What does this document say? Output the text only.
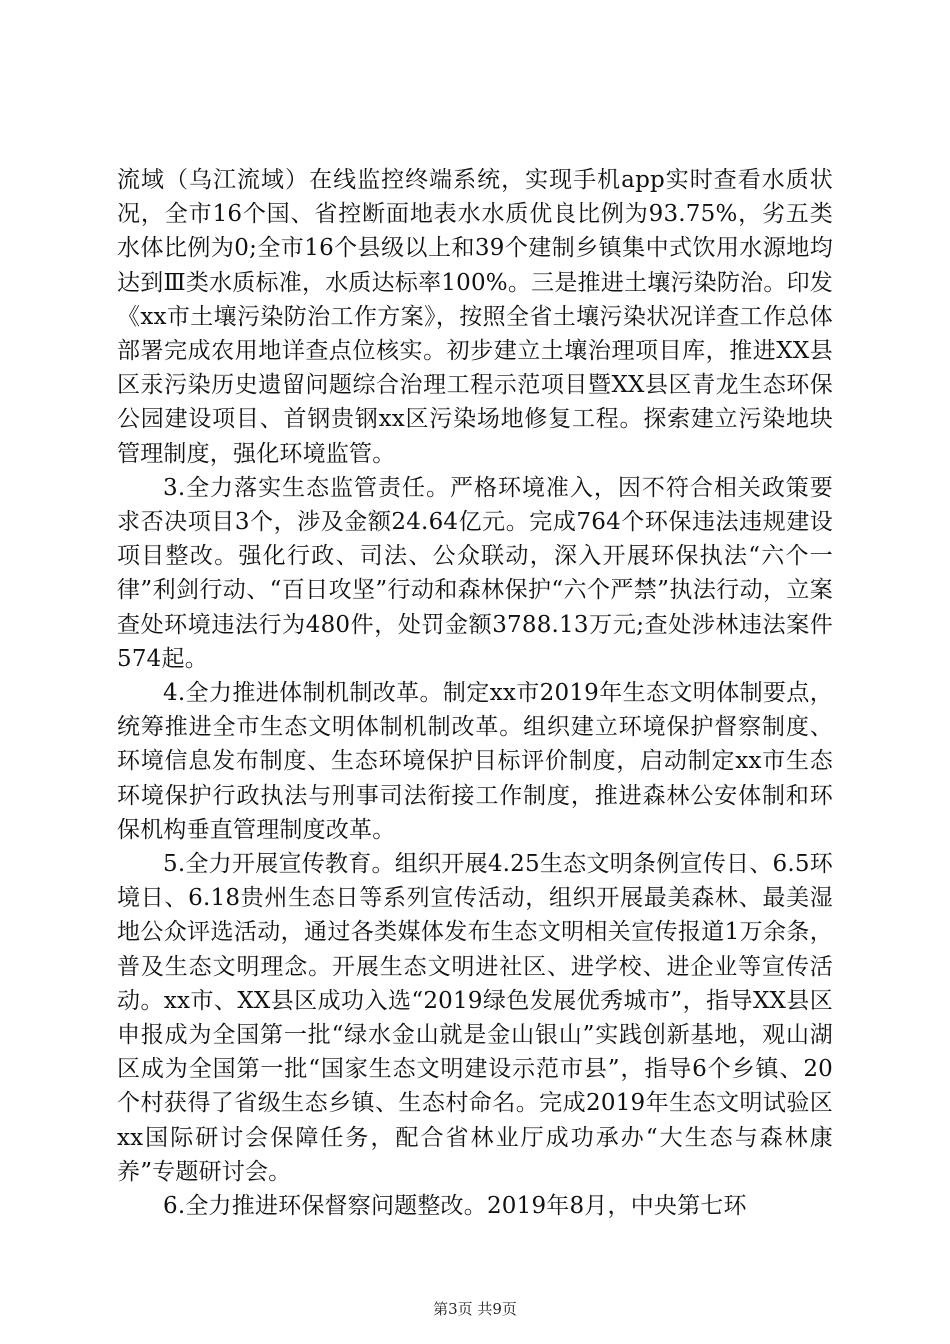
流域（乌江流域）在线监控终端系统，实现手机app实时查看水质状况，全市16个国、省控断面地表水水质优良比例为93.75%，劣五类水体比例为0;全市16个县级以上和39个建制乡镇集中式饮用水源地均达到Ⅲ类水质标准，水质达标率100%。三是推进土壤污染防治。印发《xx市土壤污染防治工作方案》，按照全省土壤污染状况详查工作总体部署完成农用地详查点位核实。初步建立土壤治理项目库，推进XX县区汞污染历史遗留问题综合治理工程示范项目暨XX县区青龙生态环保公园建设项目、首钢贵钢xx区污染场地修复工程。探索建立污染地块管理制度，强化环境监管。

3.全力落实生态监管责任。严格环境准入，因不符合相关政策要求否决项目3个，涉及金额24.64亿元。完成764个环保违法违规建设项目整改。强化行政、司法、公众联动，深入开展环保执法“六个一律”利剑行动、“百日攻坚”行动和森林保护“六个严禁”执法行动，立案查处环境违法行为480件，处罚金额3788.13万元;查处涉林违法案件574起。

4.全力推进体制机制改革。制定xx市2019年生态文明体制要点，统筹推进全市生态文明体制机制改革。组织建立环境保护督察制度、环境信息发布制度、生态环境保护目标评价制度，启动制定xx市生态环境保护行政执法与刑事司法衔接工作制度，推进森林公安体制和环保机构垂直管理制度改革。

5.全力开展宣传教育。组织开展4.25生态文明条例宣传日、6.5环境日、6.18贵州生态日等系列宣传活动，组织开展最美森林、最美湿地公众评选活动，通过各类媒体发布生态文明相关宣传报道1万余条，普及生态文明理念。开展生态文明进社区、进学校、进企业等宣传活动。xx市、XX县区成功入选“2019绿色发展优秀城市”，指导XX县区申报成为全国第一批“绿水金山就是金山银山”实践创新基地，观山湖区成为全国第一批“国家生态文明建设示范市县”，指导6个乡镇、20个村获得了省级生态乡镇、生态村命名。完成2019年生态文明试验区xx国际研讨会保障任务，配合省林业厅成功承办“大生态与森林康养”专题研讨会。

6.全力推进环保督察问题整改。2019年8月，中央第七环

第3页 共9页
